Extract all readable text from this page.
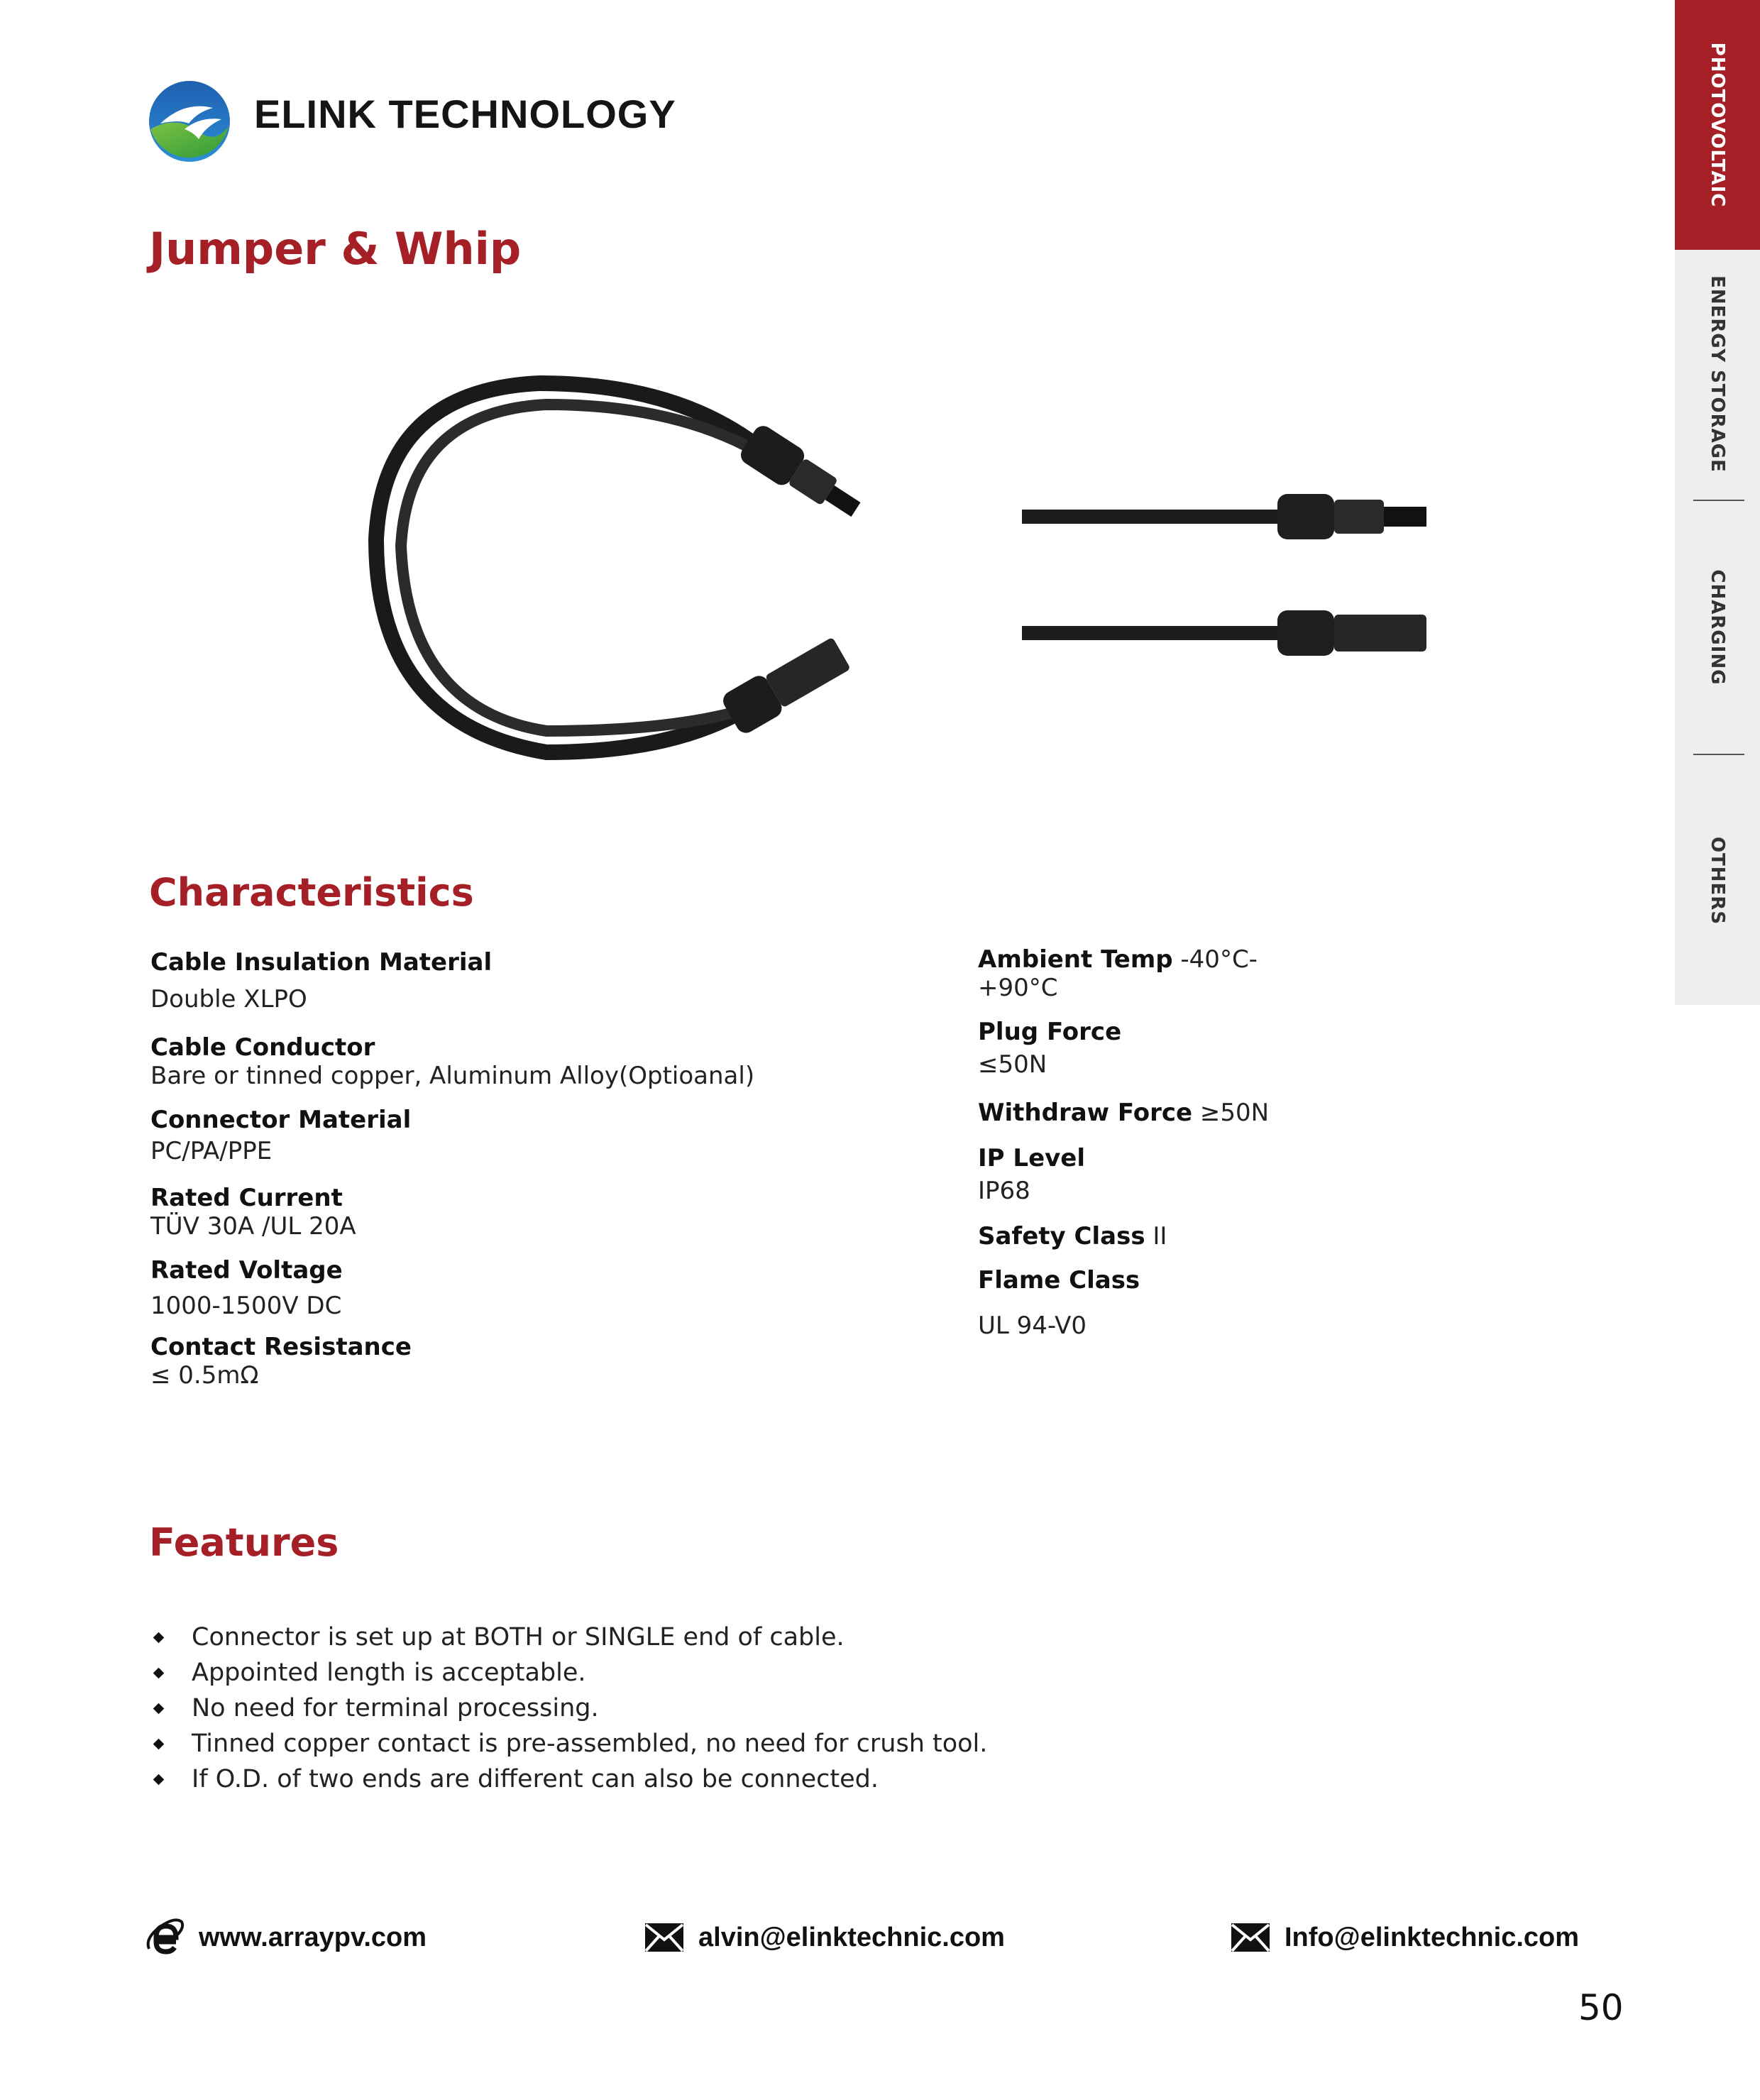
ELINK TECHNOLOGY
Jumper & Whip
PHOTOVOLTAIC
ENERGY STORAGE
CHARGING
OTHERS
Characteristics
Cable Insulation Material
Double XLPO
Cable Conductor
Bare or tinned copper, Aluminum Alloy(Optioanal)
Connector Material
PC/PA/PPE
Rated Current
TÜV 30A /UL 20A
Rated Voltage
1000-1500V DC
Contact Resistance
≤ 0.5mΩ
Ambient Temp -40°C-
+90°C
Plug Force
≤50N
Withdraw Force ≥50N
IP Level
IP68
Safety Class II
Flame Class
UL 94-V0
Features
Connector is set up at BOTH or SINGLE end of cable.
Appointed length is acceptable.
No need for terminal processing.
Tinned copper contact is pre-assembled, no need for crush tool.
If O.D. of two ends are different can also be connected.
www.arraypv.com	alvin@elinktechnic.com	Info@elinktechnic.com
50
